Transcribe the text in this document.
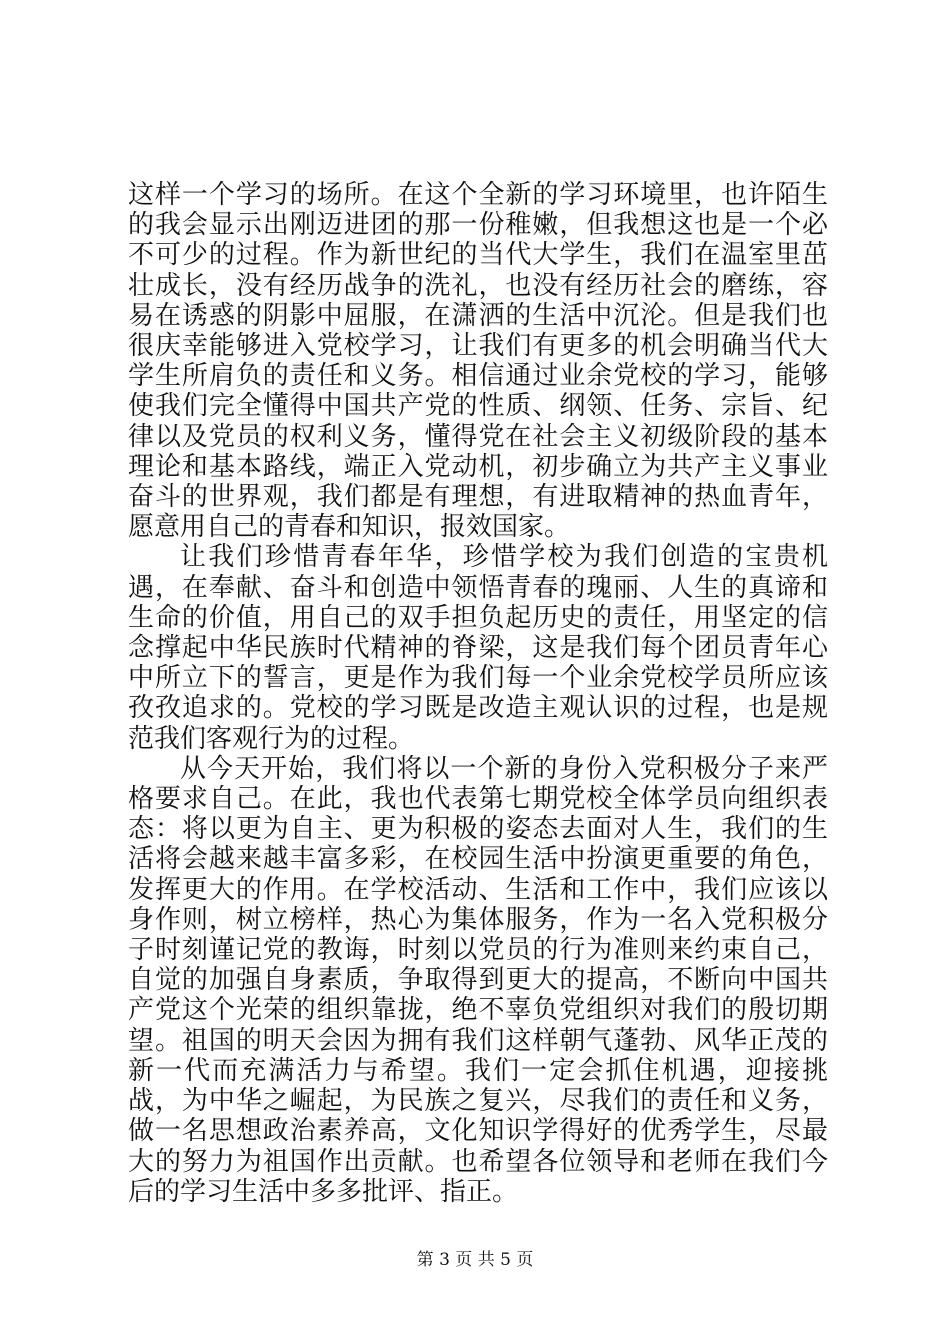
这样一个学习的场所。在这个全新的学习环境里，也许陌生的我会显示出刚迈进团的那一份稚嫩，但我想这也是一个必不可少的过程。作为新世纪的当代大学生，我们在温室里茁壮成长，没有经历战争的洗礼，也没有经历社会的磨练，容易在诱惑的阴影中屈服，在潇洒的生活中沉沦。但是我们也很庆幸能够进入党校学习，让我们有更多的机会明确当代大学生所肩负的责任和义务。相信通过业余党校的学习，能够使我们完全懂得中国共产党的性质、纲领、任务、宗旨、纪律以及党员的权利义务，懂得党在社会主义初级阶段的基本理论和基本路线，端正入党动机，初步确立为共产主义事业奋斗的世界观，我们都是有理想，有进取精神的热血青年，愿意用自己的青春和知识，报效国家。

让我们珍惜青春年华，珍惜学校为我们创造的宝贵机遇，在奉献、奋斗和创造中领悟青春的瑰丽、人生的真谛和生命的价值，用自己的双手担负起历史的责任，用坚定的信念撑起中华民族时代精神的脊梁，这是我们每个团员青年心中所立下的誓言，更是作为我们每一个业余党校学员所应该孜孜追求的。党校的学习既是改造主观认识的过程，也是规范我们客观行为的过程。

从今天开始，我们将以一个新的身份入党积极分子来严格要求自己。在此，我也代表第七期党校全体学员向组织表态：将以更为自主、更为积极的姿态去面对人生，我们的生活将会越来越丰富多彩，在校园生活中扮演更重要的角色，发挥更大的作用。在学校活动、生活和工作中，我们应该以身作则，树立榜样，热心为集体服务，作为一名入党积极分子时刻谨记党的教诲，时刻以党员的行为准则来约束自己，自觉的加强自身素质，争取得到更大的提高，不断向中国共产党这个光荣的组织靠拢，绝不辜负党组织对我们的殷切期望。祖国的明天会因为拥有我们这样朝气蓬勃、风华正茂的新一代而充满活力与希望。我们一定会抓住机遇，迎接挑战，为中华之崛起，为民族之复兴，尽我们的责任和义务，做一名思想政治素养高，文化知识学得好的优秀学生，尽最大的努力为祖国作出贡献。也希望各位领导和老师在我们今后的学习生活中多多批评、指正。

第 3 页 共 5 页
